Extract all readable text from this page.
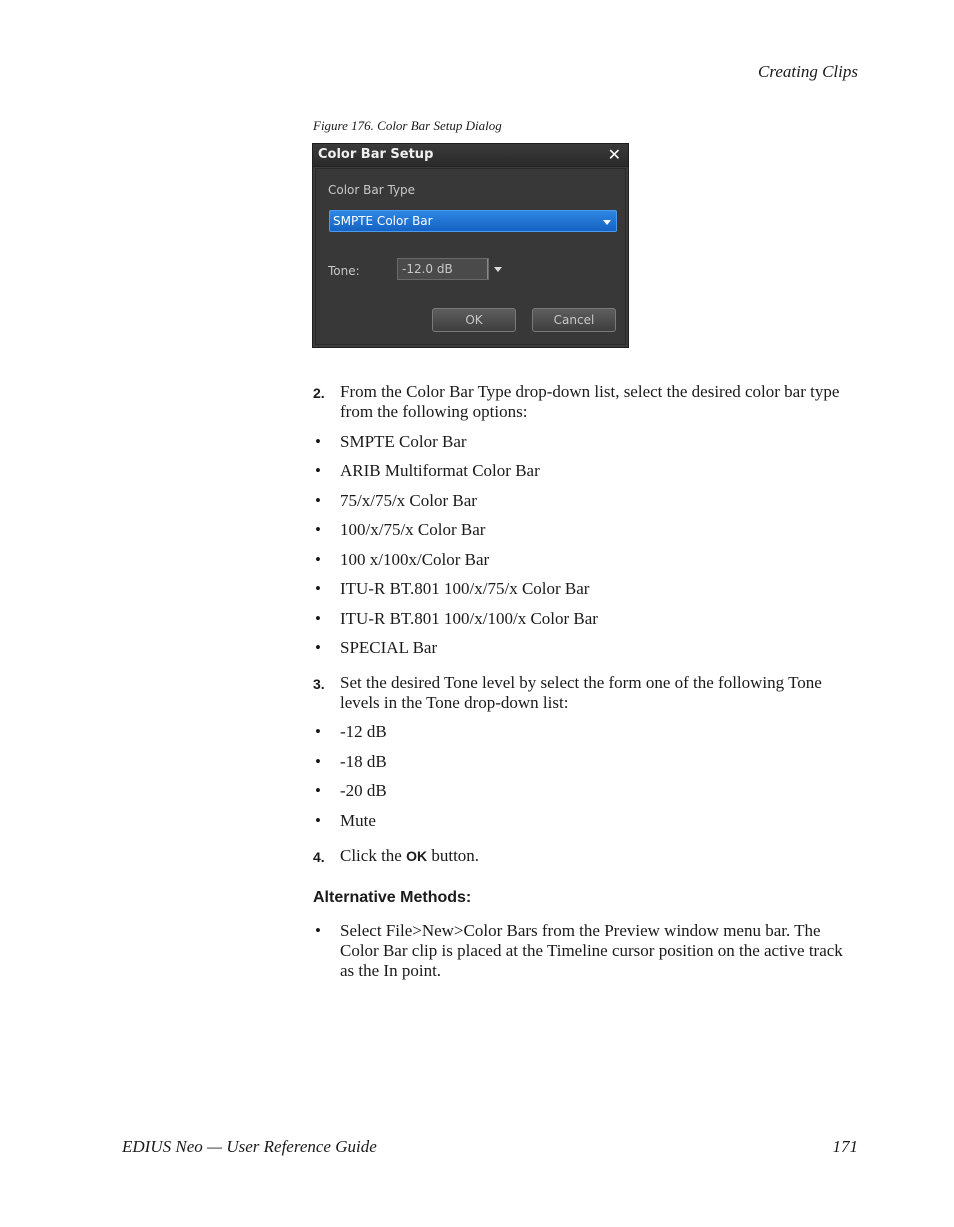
Creating Clips
Figure 176. Color Bar Setup Dialog
Color Bar Setup	✕
Color Bar Type
SMPTE Color Bar
Tone:	-12.0 dB
OK	Cancel
2. From the Color Bar Type drop-down list, select the desired color bar type from the following options:
• SMPTE Color Bar
• ARIB Multiformat Color Bar
• 75/x/75/x Color Bar
• 100/x/75/x Color Bar
• 100 x/100x/Color Bar
• ITU-R BT.801 100/x/75/x Color Bar
• ITU-R BT.801 100/x/100/x Color Bar
• SPECIAL Bar
3. Set the desired Tone level by select the form one of the following Tone levels in the Tone drop-down list:
• -12 dB
• -18 dB
• -20 dB
• Mute
4. Click the OK button.
Alternative Methods:
• Select File>New>Color Bars from the Preview window menu bar. The Color Bar clip is placed at the Timeline cursor position on the active track as the In point.
EDIUS Neo — User Reference Guide	171
